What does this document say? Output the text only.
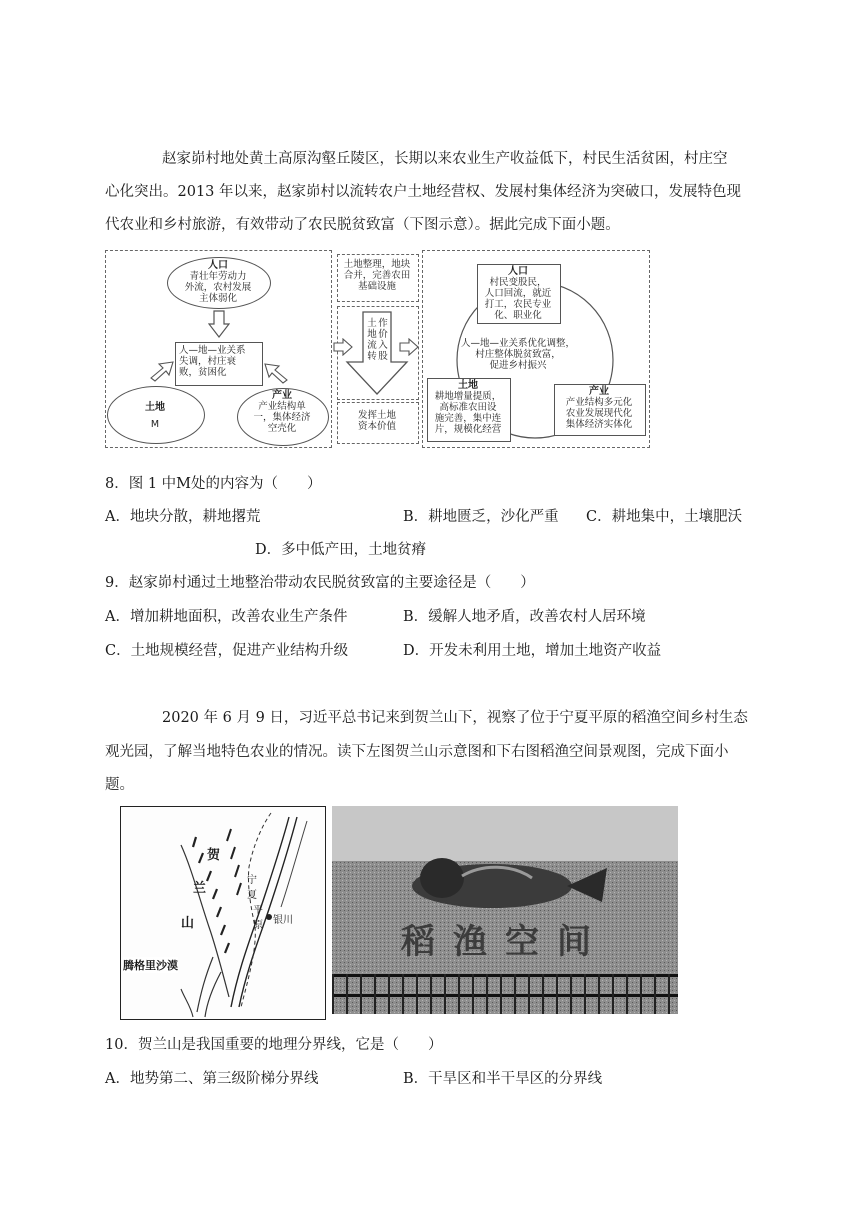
赵家峁村地处黄土高原沟壑丘陵区，长期以来农业生产收益低下，村民生活贫困，村庄空
心化突出。2013 年以来，赵家峁村以流转农户土地经营权、发展村集体经济为突破口，发展特色现
代农业和乡村旅游，有效带动了农民脱贫致富（下图示意）。据此完成下面小题。
人口
青壮年劳动力
外流，农村发展
主体弱化
人—地—业关系
失调，村庄衰
败，贫困化
土地
M
产业
产业结构单
一，集体经济
空壳化
土地整理，地块
合并，完善农田
基础设施
土
地
流
转
作
价
入
股
发挥土地
资本价值
人口
村民变股民，
人口回流，就近
打工，农民专业
化、职业化
人—地—业关系优化调整，
村庄整体脱贫致富，
促进乡村振兴
土地
耕地增量提质，
高标准农田设
施完善，集中连
片，规模化经营
产业
产业结构多元化
农业发展现代化
集体经济实体化
8．图 1 中M处的内容为（　　）
A．地块分散，耕地撂荒	B．耕地匮乏，沙化严重 C．耕地集中，土壤肥沃
D．多中低产田，土地贫瘠
9．赵家峁村通过土地整治带动农民脱贫致富的主要途径是（　　）
A．增加耕地面积，改善农业生产条件	B．缓解人地矛盾，改善农村人居环境
C．土地规模经营，促进产业结构升级	D．开发未利用土地，增加土地资产收益
2020 年 6 月 9 日，习近平总书记来到贺兰山下，视察了位于宁夏平原的稻渔空间乡村生态
观光园，了解当地特色农业的情况。读下左图贺兰山示意图和下右图稻渔空间景观图，完成下面小
题。
贺
兰
山
宁
夏
平
原 银川
腾格里沙漠
稻渔空间
10．贺兰山是我国重要的地理分界线，它是（　　）
A．地势第二、第三级阶梯分界线	B．干旱区和半干旱区的分界线
